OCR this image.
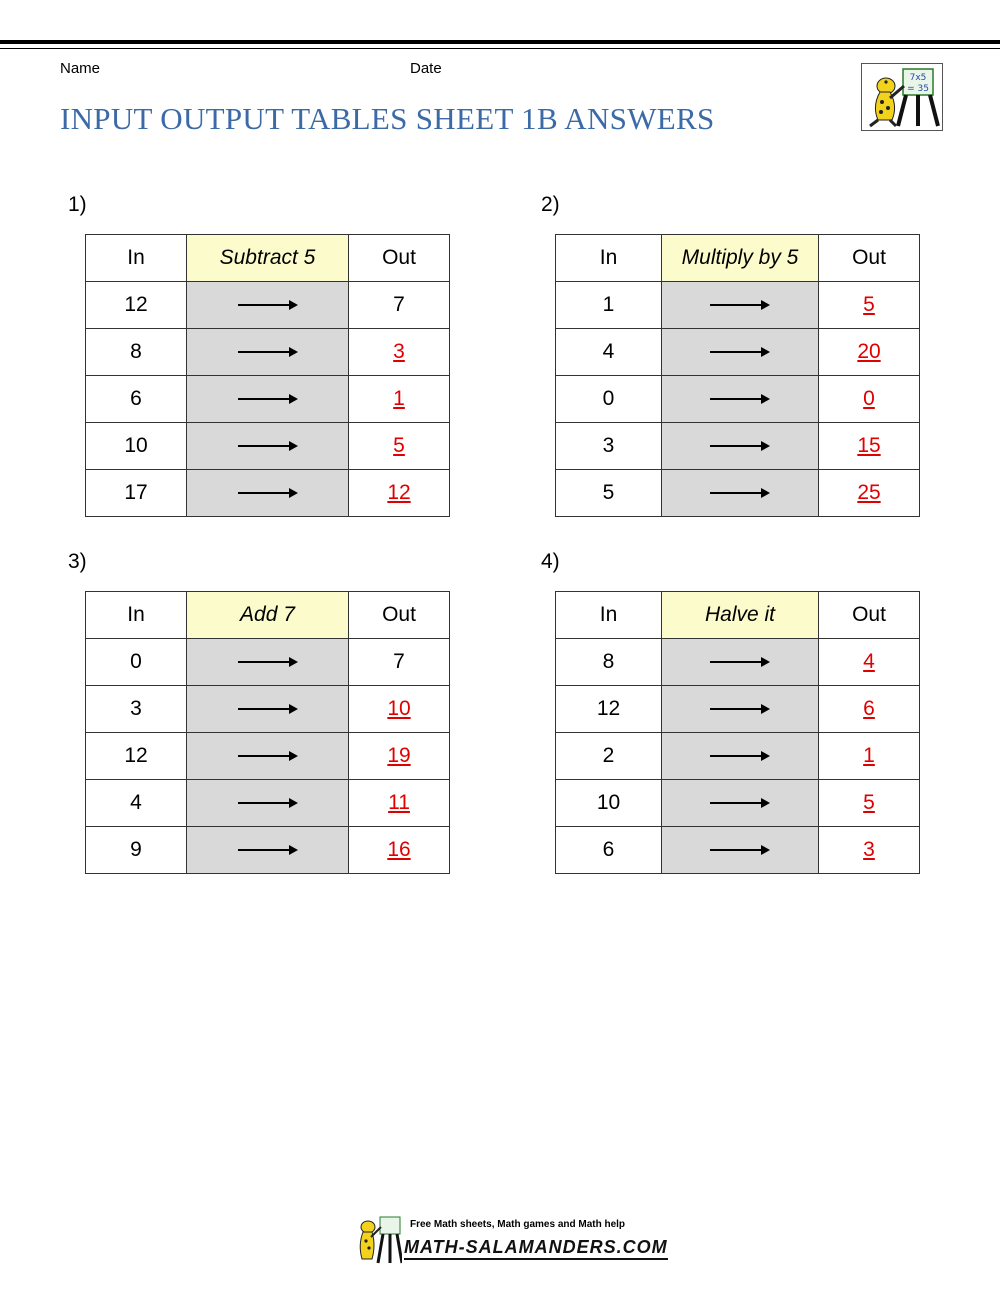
Name	Date
INPUT OUTPUT TABLES SHEET 1B ANSWERS
7x5
= 35
1)
In	Subtract 5	Out
12		7
8		3
6		1
10		5
17		12
2)
In	Multiply by 5	Out
1		5
4		20
0		0
3		15
5		25
3)
In	Add 7	Out
0		7
3		10
12		19
4		11
9		16
4)
In	Halve it	Out
8		4
12		6
2		1
10		5
6		3
Free Math sheets, Math games and Math help
MATH-SALAMANDERS.COM
